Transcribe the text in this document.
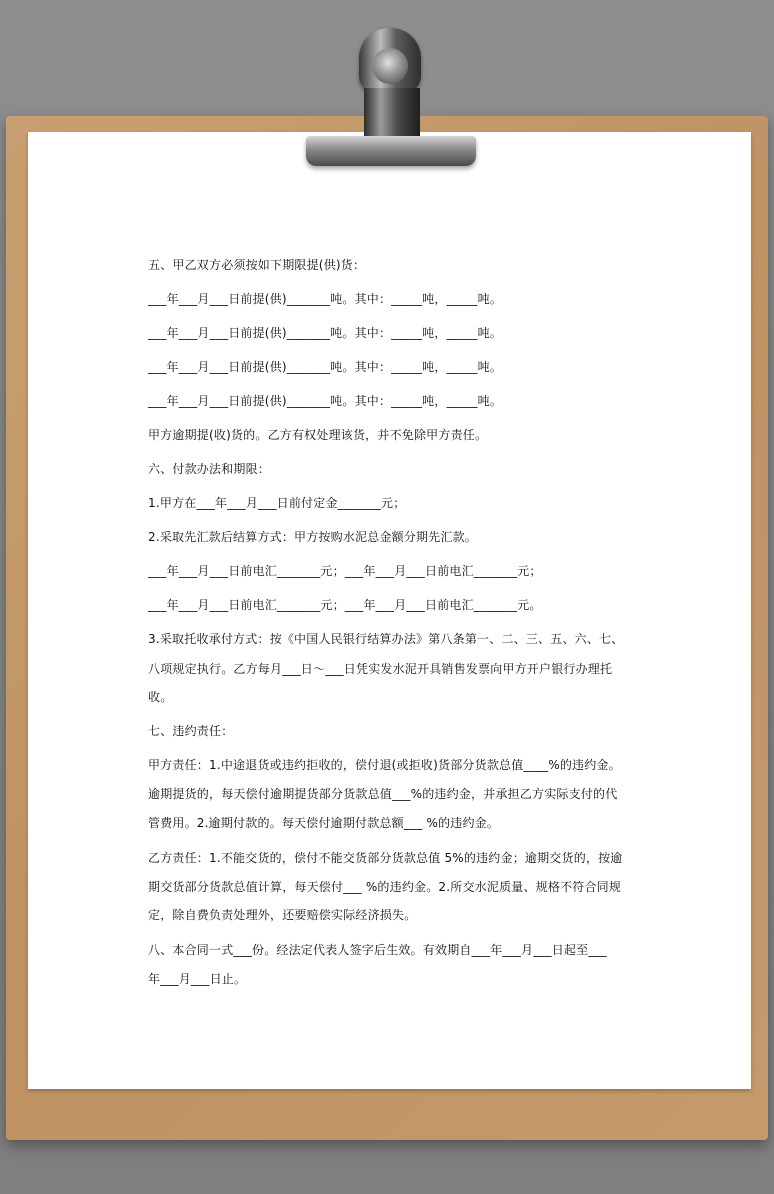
五、甲乙双方必须按如下期限提(供)货：
___年___月___日前提(供)_______吨。其中：_____吨，_____吨。
___年___月___日前提(供)_______吨。其中：_____吨，_____吨。
___年___月___日前提(供)_______吨。其中：_____吨，_____吨。
___年___月___日前提(供)_______吨。其中：_____吨，_____吨。
甲方逾期提(收)货的。乙方有权处理该货，并不免除甲方责任。
六、付款办法和期限：
1.甲方在___年___月___日前付定金_______元；
2.采取先汇款后结算方式：甲方按购水泥总金额分期先汇款。
___年___月___日前电汇_______元；___年___月___日前电汇_______元；
___年___月___日前电汇_______元；___年___月___日前电汇_______元。
3.采取托收承付方式：按《中国人民银行结算办法》第八条第一、二、三、五、六、七、
八项规定执行。乙方每月___日～___日凭实发水泥开具销售发票向甲方开户银行办理托
收。
七、违约责任：
甲方责任：1.中途退货或违约拒收的，偿付退(或拒收)货部分货款总值____%的违约金。
逾期提货的，每天偿付逾期提货部分货款总值___%的违约金，并承担乙方实际支付的代
管费用。2.逾期付款的。每天偿付逾期付款总额___ %的违约金。
乙方责任：1.不能交货的，偿付不能交货部分货款总值 5%的违约金；逾期交货的，按逾
期交货部分货款总值计算，每天偿付___ %的违约金。2.所交水泥质量、规格不符合同规
定，除自费负责处理外，还要赔偿实际经济损失。
八、本合同一式___份。经法定代表人签字后生效。有效期自___年___月___日起至___
年___月___日止。
